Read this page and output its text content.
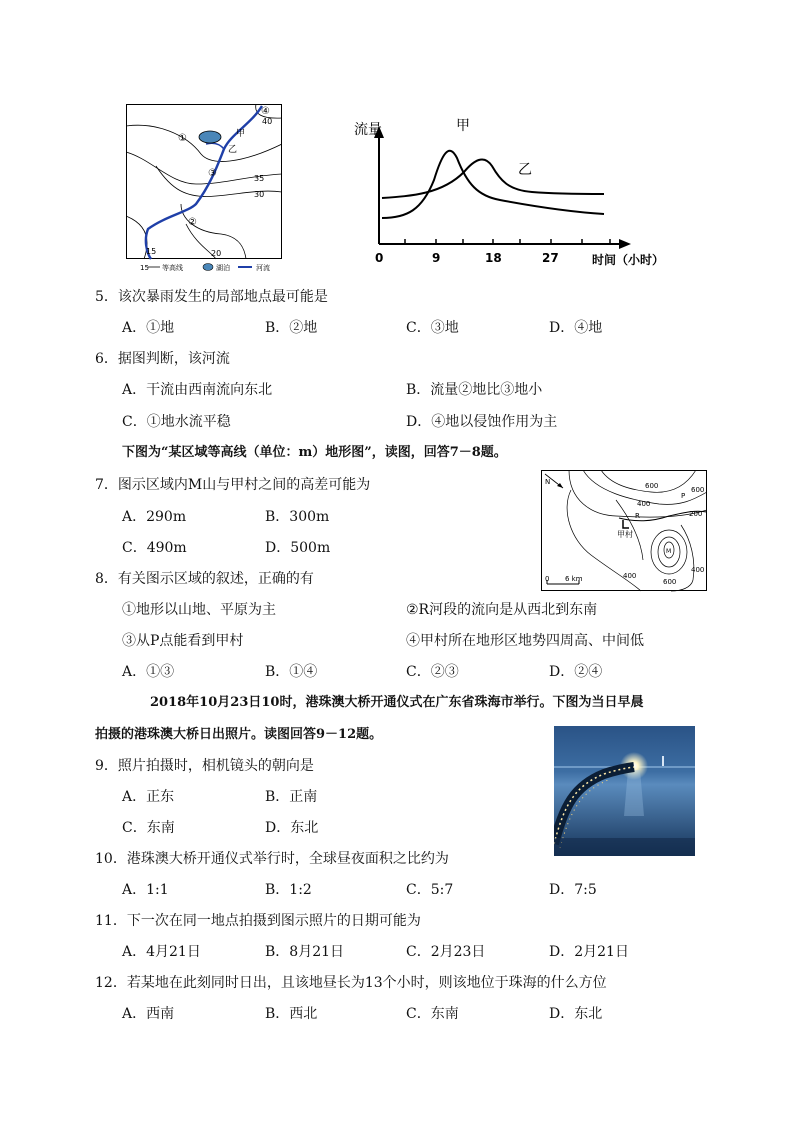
①
②
③
④
甲
乙
40
35
30
20
15
15 等高线	湖泊	河流
流量	甲
乙
0	9	18	27	时间（小时）
5．该次暴雨发生的局部地点最可能是
A．①地	B．②地	C．③地	D．④地
6．据图判断，该河流
A．干流由西南流向东北	B．流量②地比③地小
C．①地水流平稳	D．④地以侵蚀作用为主
下图为“某区域等高线（单位：m）地形图”，读图，回答7－8题。
N
甲村
R
P
M
600
400
200
400
600
400
600
0 6 km
7．图示区域内M山与甲村之间的高差可能为
A．290m	B．300m
C．490m	D．500m
8．有关图示区域的叙述，正确的有
①地形以山地、平原为主	②R河段的流向是从西北到东南
③从P点能看到甲村	④甲村所在地形区地势四周高、中间低
A．①③	B．①④	C．②③	D．②④
2018年10月23日10时，港珠澳大桥开通仪式在广东省珠海市举行。下图为当日早晨
拍摄的港珠澳大桥日出照片。读图回答9－12题。
9．照片拍摄时，相机镜头的朝向是
A．正东	B．正南
C．东南	D．东北
10．港珠澳大桥开通仪式举行时，全球昼夜面积之比约为
A．1:1	B．1:2	C．5:7	D．7:5
11．下一次在同一地点拍摄到图示照片的日期可能为
A．4月21日	B．8月21日	C．2月23日	D．2月21日
12．若某地在此刻同时日出，且该地昼长为13个小时，则该地位于珠海的什么方位
A．西南	B．西北	C．东南	D．东北
